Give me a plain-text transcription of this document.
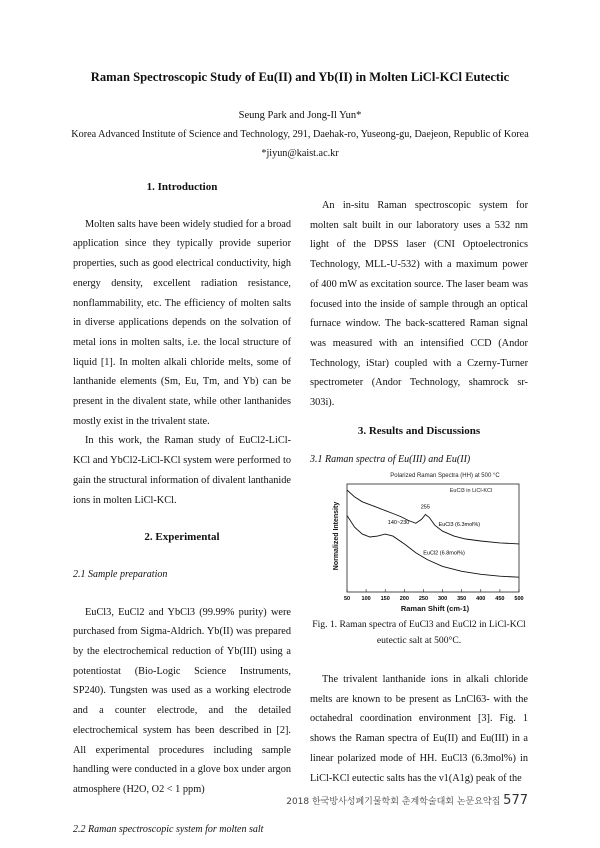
Raman Spectroscopic Study of Eu(II) and Yb(II) in Molten LiCl-KCl Eutectic
Seung Park and Jong-Il Yun*
Korea Advanced Institute of Science and Technology, 291, Daehak-ro, Yuseong-gu, Daejeon, Republic of Korea
*jiyun@kaist.ac.kr
1. Introduction

Molten salts have been widely studied for a broad application since they typically provide superior properties, such as good electrical conductivity, high energy density, excellent radiation resistance, nonflammability, etc. The efficiency of molten salts in diverse applications depends on the solvation of metal ions in molten salts, i.e. the local structure of liquid [1]. In molten alkali chloride melts, some of lanthanide elements (Sm, Eu, Tm, and Yb) can be present in the divalent state, while other lanthanides mostly exist in the trivalent state.

In this work, the Raman study of EuCl2-LiCl-KCl and YbCl2-LiCl-KCl system were performed to gain the structural information of divalent lanthanide ions in molten LiCl-KCl.

2. Experimental
2.1 Sample preparation

EuCl3, EuCl2 and YbCl3 (99.99% purity) were purchased from Sigma-Aldrich. Yb(II) was prepared by the electrochemical reduction of Yb(III) using a potentiostat (Bio-Logic Science Instruments, SP240). Tungsten was used as a working electrode and a counter electrode, and the detailed electrochemical system has been described in [2]. All experimental procedures including sample handling were conducted in a glove box under argon atmosphere (H2O, O2 < 1 ppm)

2.2 Raman spectroscopic system for molten salt

An in-situ Raman spectroscopic system for molten salt built in our laboratory uses a 532 nm light of the DPSS laser (CNI Optoelectronics Technology, MLL-U-532) with a maximum power of 400 mW as excitation source. The laser beam was focused into the inside of sample through an optical furnace window. The back-scattered Raman signal was measured with an intensified CCD (Andor Technology, iStar) coupled with a Czerny-Turner spectrometer (Andor Technology, shamrock sr-303i).

3. Results and Discussions
3.1 Raman spectra of Eu(III) and Eu(II)
Polarized Raman Spectra (HH) at 500 °C
EuCl3 in LiCl-KCl
Normalized Intensity
Raman Shift (cm-1)
50 100 150 200 250 300 350 400 450 500
EuCl3 (6.3mol%)
EuCl2 (6.8mol%)
255
140~230
Fig. 1. Raman spectra of EuCl3 and EuCl2 in LiCl-KCl eutectic salt at 500°C.

The trivalent lanthanide ions in alkali chloride melts are known to be present as LnCl63- with the octahedral coordination environment [3]. Fig. 1 shows the Raman spectra of Eu(II) and Eu(III) in a linear polarized mode of HH. EuCl3 (6.3mol%) in LiCl-KCl eutectic salts has the ν1(A1g) peak of the

2018 한국방사성폐기물학회 춘계학술대회 논문요약집 577
